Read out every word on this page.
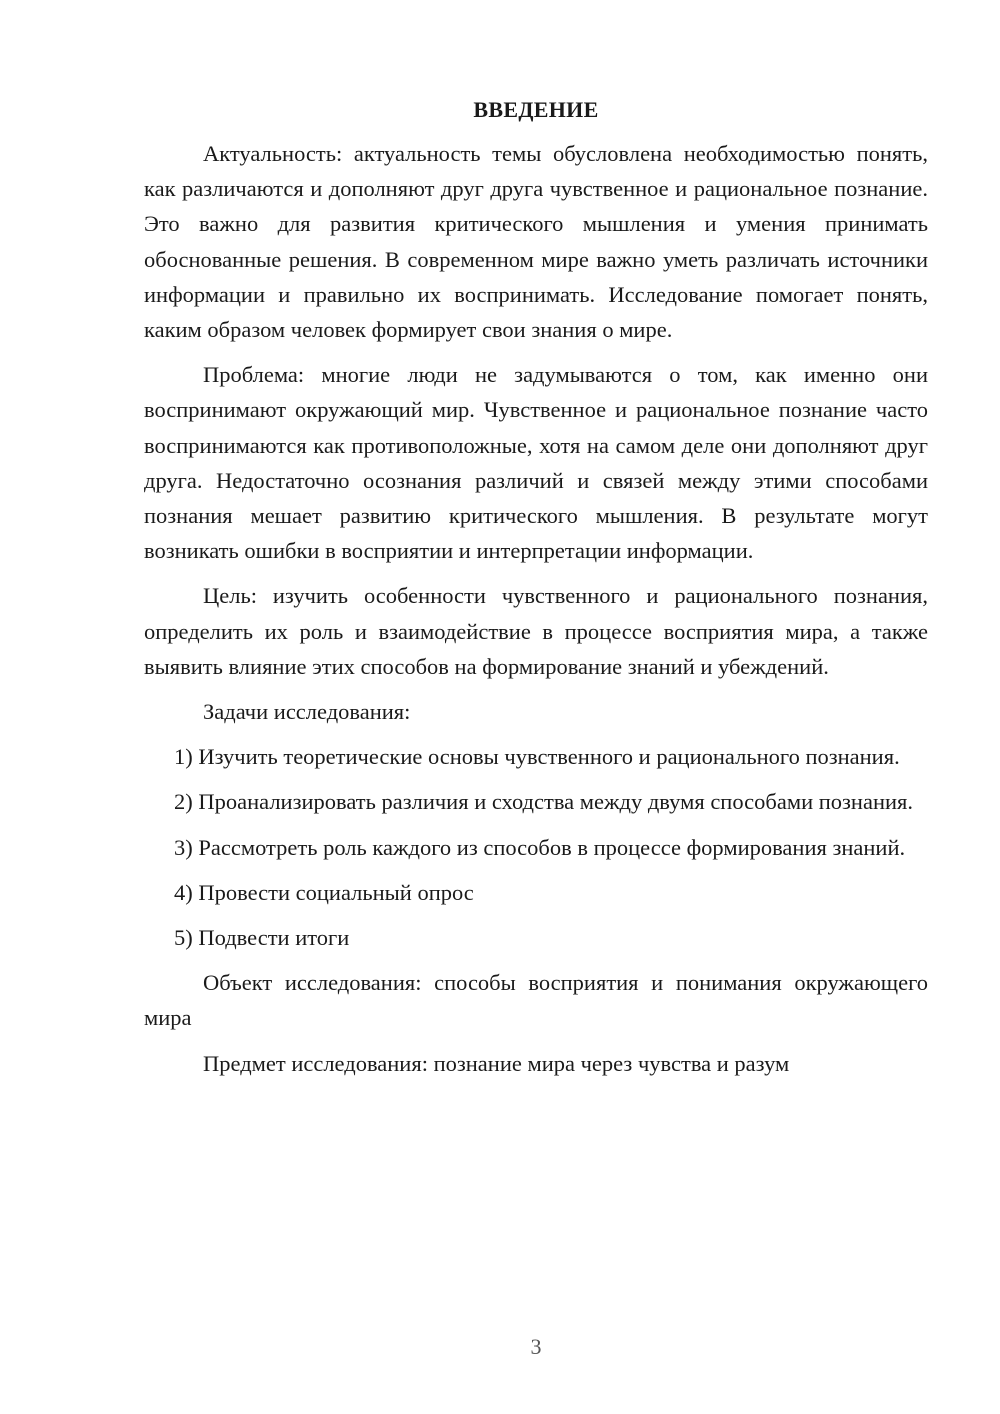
ВВЕДЕНИЕ

Актуальность: актуальность темы обусловлена необходимостью понять, как различаются и дополняют друг друга чувственное и рациональное познание. Это важно для развития критического мышления и умения принимать обоснованные решения. В современном мире важно уметь различать источники информации и правильно их воспринимать. Исследование помогает понять, каким образом человек формирует свои знания о мире.

Проблема: многие люди не задумываются о том, как именно они воспринимают окружающий мир. Чувственное и рациональное познание часто воспринимаются как противоположные, хотя на самом деле они дополняют друг друга. Недостаточно осознания различий и связей между этими способами познания мешает развитию критического мышления. В результате могут возникать ошибки в восприятии и интерпретации информации.

Цель: изучить особенности чувственного и рационального познания, определить их роль и взаимодействие в процессе восприятия мира, а также выявить влияние этих способов на формирование знаний и убеждений.

Задачи исследования:

1) Изучить теоретические основы чувственного и рационального познания.

2) Проанализировать различия и сходства между двумя способами познания.

3) Рассмотреть роль каждого из способов в процессе формирования знаний.

4) Провести социальный опрос

5) Подвести итоги

Объект исследования: способы восприятия и понимания окружающего мира

Предмет исследования: познание мира через чувства и разум

3
